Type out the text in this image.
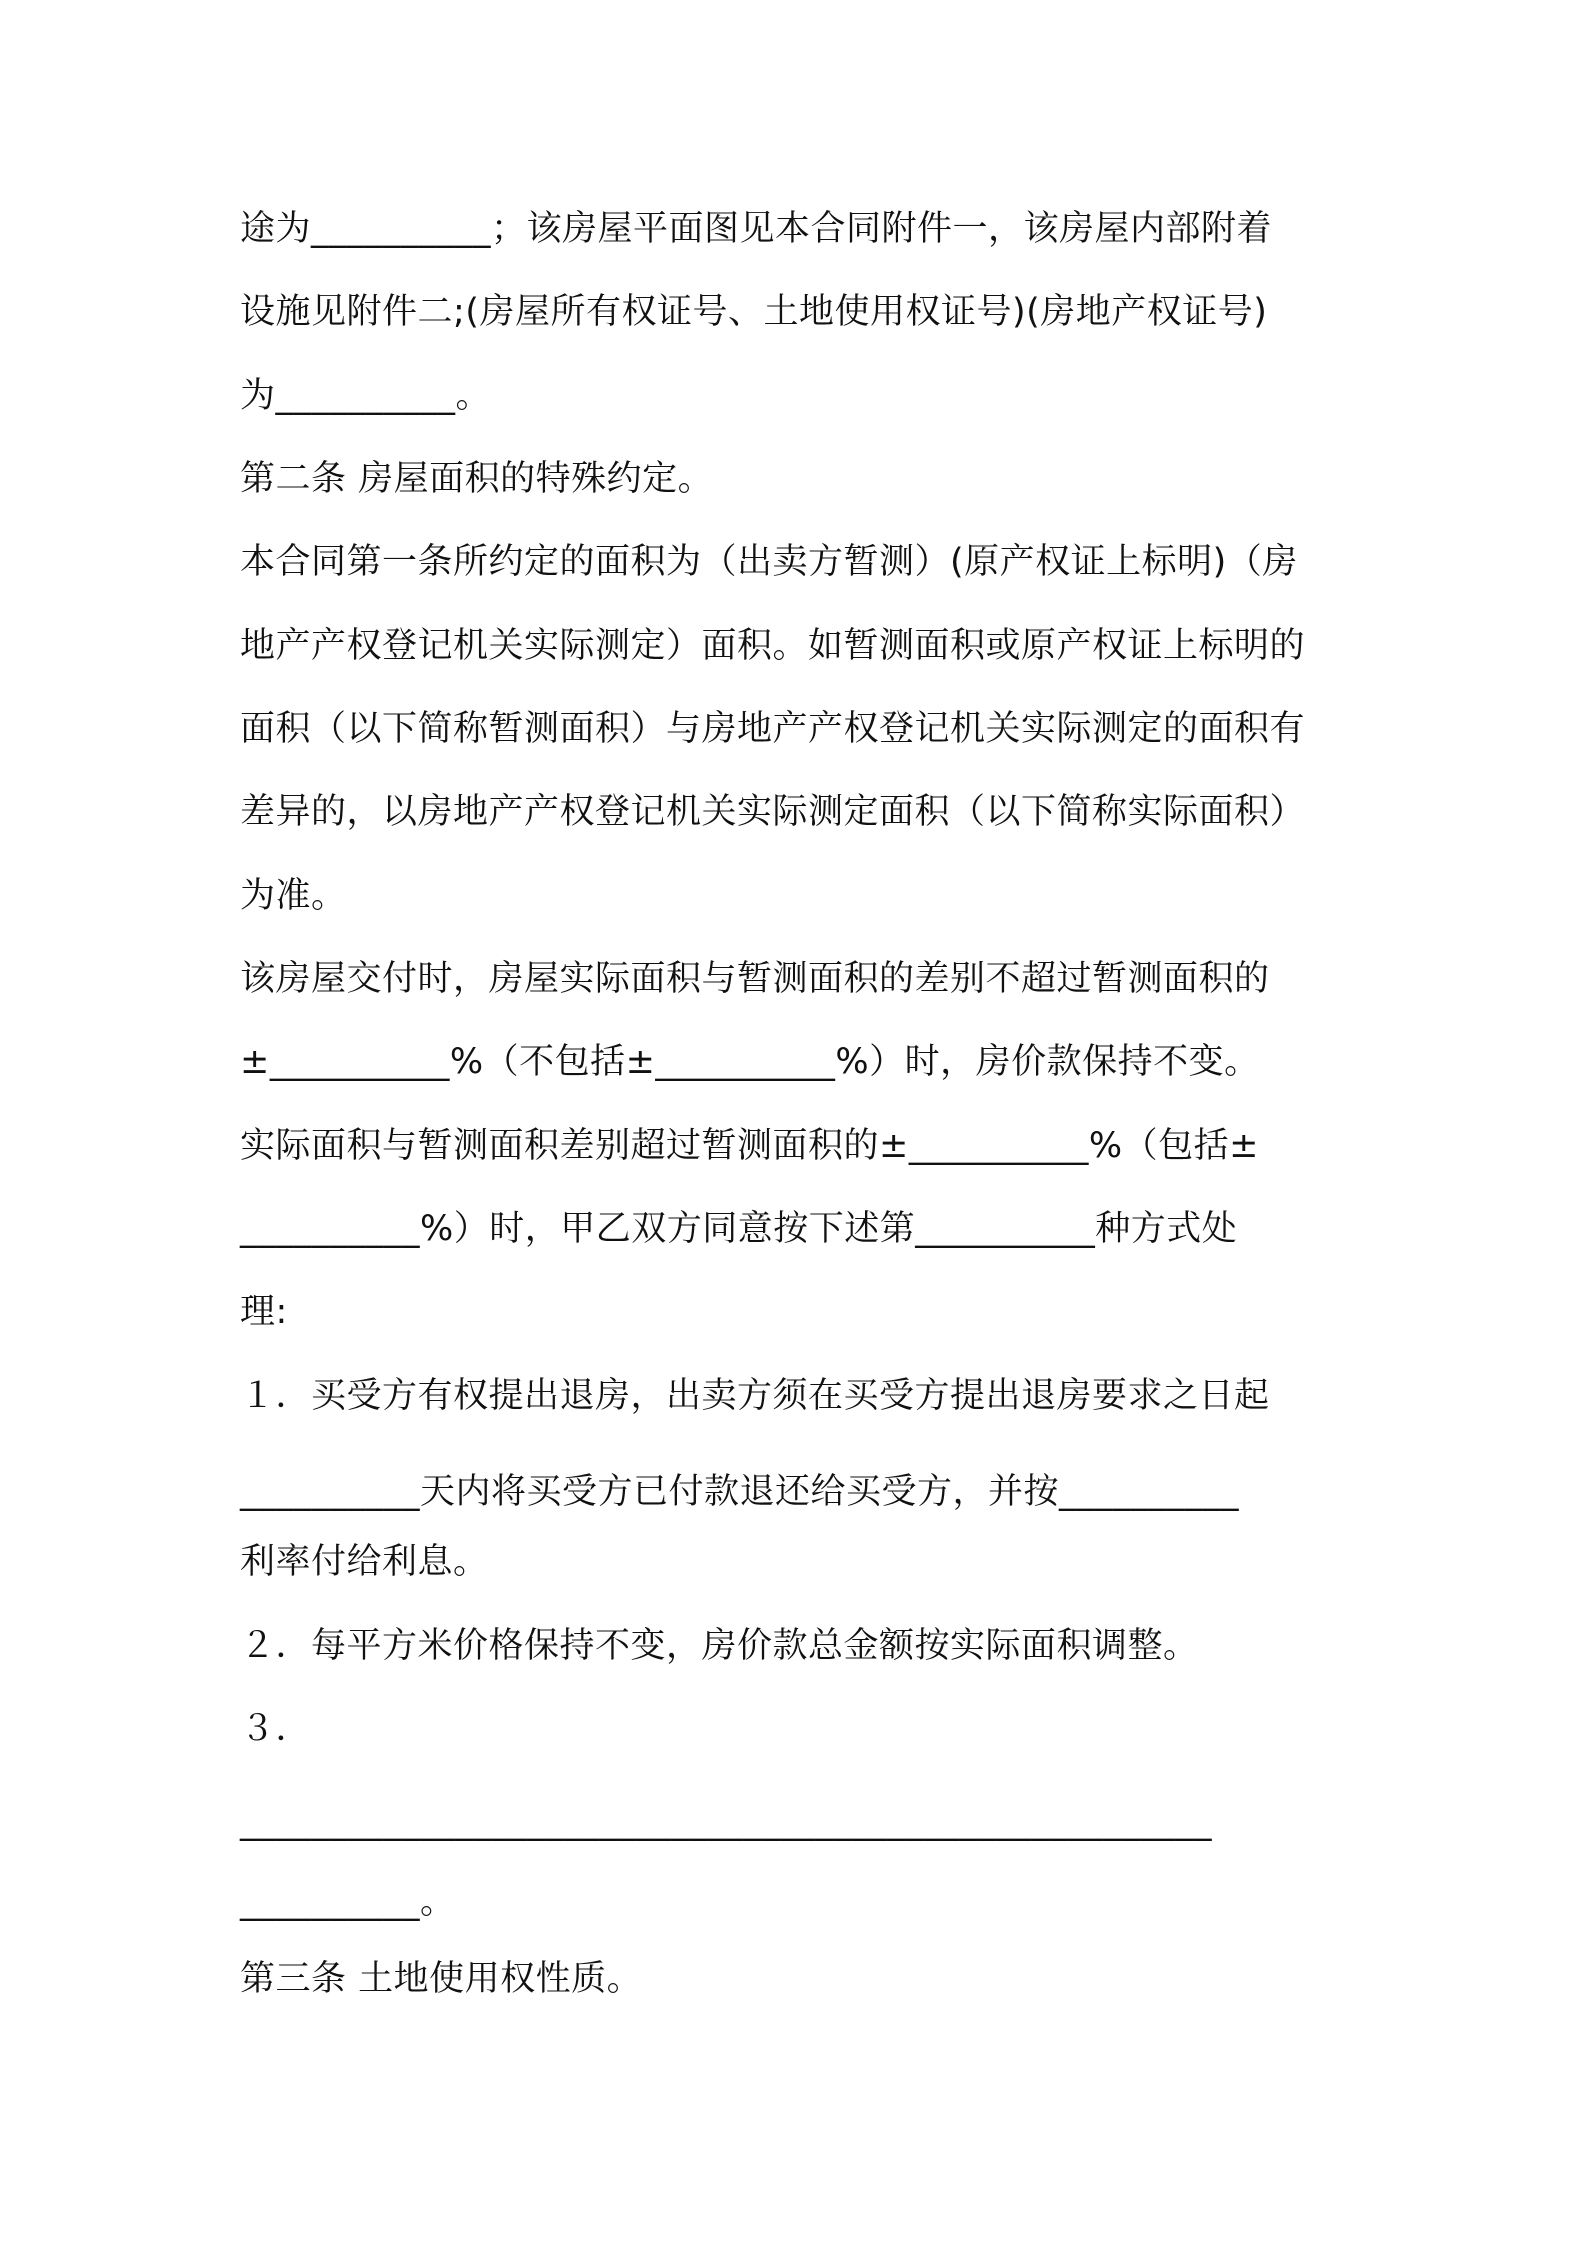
途为__________；该房屋平面图见本合同附件一，该房屋内部附着
设施见附件二;(房屋所有权证号、土地使用权证号)(房地产权证号)
为__________。
第二条 房屋面积的特殊约定。
本合同第一条所约定的面积为（出卖方暂测）(原产权证上标明)（房
地产产权登记机关实际测定）面积。如暂测面积或原产权证上标明的
面积（以下简称暂测面积）与房地产产权登记机关实际测定的面积有
差异的，以房地产产权登记机关实际测定面积（以下简称实际面积）
为准。
该房屋交付时，房屋实际面积与暂测面积的差别不超过暂测面积的
±__________%（不包括±__________%）时，房价款保持不变。
实际面积与暂测面积差别超过暂测面积的±__________%（包括±
__________%）时，甲乙双方同意按下述第__________种方式处
理:
１．买受方有权提出退房，出卖方须在买受方提出退房要求之日起
__________天内将买受方已付款退还给买受方，并按__________
利率付给利息。
２．每平方米价格保持不变，房价款总金额按实际面积调整。
３．
______________________________________________________
__________。
第三条 土地使用权性质。
